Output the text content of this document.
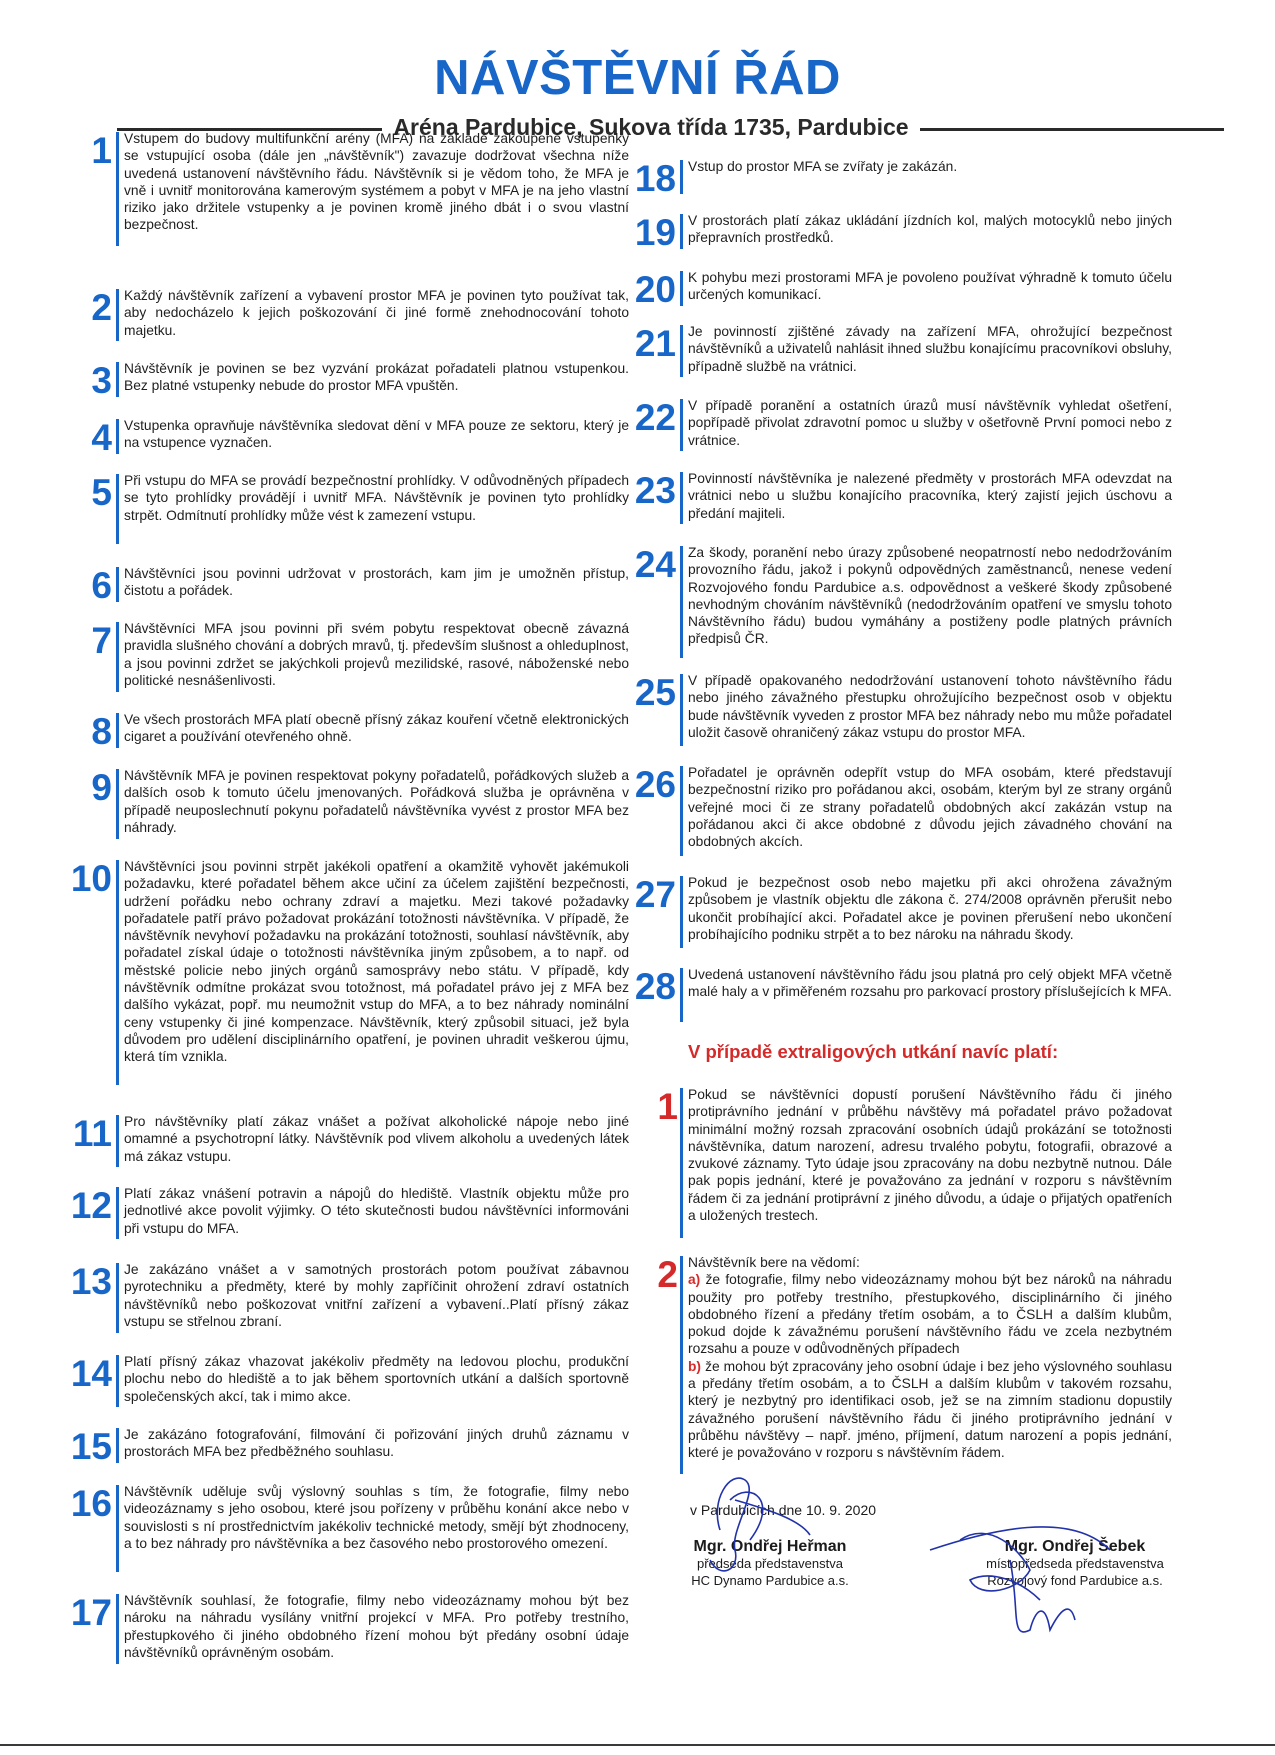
NÁVŠTĚVNÍ ŘÁD
Aréna Pardubice, Sukova třída 1735, Pardubice
1 Vstupem do budovy multifunkční arény (MFA) na základě zakoupené vstupenky se vstupující osoba (dále jen „návštěvník") zavazuje dodržovat všechna níže uvedená ustanovení návštěvního řádu. Návštěvník si je vědom toho, že MFA je vně i uvnitř monitorována kamerovým systémem a pobyt v MFA je na jeho vlastní riziko jako držitele vstupenky a je povinen kromě jiného dbát i o svou vlastní bezpečnost.
2 Každý návštěvník zařízení a vybavení prostor MFA je povinen tyto používat tak, aby nedocházelo k jejich poškozování či jiné formě znehodnocování tohoto majetku.
3 Návštěvník je povinen se bez vyzvání prokázat pořadateli platnou vstupenkou. Bez platné vstupenky nebude do prostor MFA vpuštěn.
4 Vstupenka opravňuje návštěvníka sledovat dění v MFA pouze ze sektoru, který je na vstupence vyznačen.
5 Při vstupu do MFA se provádí bezpečnostní prohlídky. V odůvodněných případech se tyto prohlídky provádějí i uvnitř MFA. Návštěvník je povinen tyto prohlídky strpět. Odmítnutí prohlídky může vést k zamezení vstupu.
6 Návštěvníci jsou povinni udržovat v prostorách, kam jim je umožněn přístup, čistotu a pořádek.
7 Návštěvníci MFA jsou povinni při svém pobytu respektovat obecně závazná pravidla slušného chování a dobrých mravů, tj. především slušnost a ohleduplnost, a jsou povinni zdržet se jakýchkoli projevů mezilidské, rasové, náboženské nebo politické nesnášenlivosti.
8 Ve všech prostorách MFA platí obecně přísný zákaz kouření včetně elektronických cigaret a používání otevřeného ohně.
9 Návštěvník MFA je povinen respektovat pokyny pořadatelů, pořádkových služeb a dalších osob k tomuto účelu jmenovaných. Pořádková služba je oprávněna v případě neuposlechnutí pokynu pořadatelů návštěvníka vyvést z prostor MFA bez náhrady.
10 Návštěvníci jsou povinni strpět jakékoli opatření a okamžitě vyhovět jakémukoli požadavku, které pořadatel během akce učiní za účelem zajištění bezpečnosti, udržení pořádku nebo ochrany zdraví a majetku. Mezi takové požadavky pořadatele patří právo požadovat prokázání totožnosti návštěvníka. V případě, že návštěvník nevyhoví požadavku na prokázání totožnosti, souhlasí návštěvník, aby pořadatel získal údaje o totožnosti návštěvníka jiným způsobem, a to např. od městské policie nebo jiných orgánů samosprávy nebo státu. V případě, kdy návštěvník odmítne prokázat svou totožnost, má pořadatel právo jej z MFA bez dalšího vykázat, popř. mu neumožnit vstup do MFA, a to bez náhrady nominální ceny vstupenky či jiné kompenzace. Návštěvník, který způsobil situaci, jež byla důvodem pro udělení disciplinárního opatření, je povinen uhradit veškerou újmu, která tím vznikla.
11 Pro návštěvníky platí zákaz vnášet a požívat alkoholické nápoje nebo jiné omamné a psychotropní látky. Návštěvník pod vlivem alkoholu a uvedených látek má zákaz vstupu.
12 Platí zákaz vnášení potravin a nápojů do hlediště. Vlastník objektu může pro jednotlivé akce povolit výjimky. O této skutečnosti budou návštěvníci informováni při vstupu do MFA.
13 Je zakázáno vnášet a v samotných prostorách potom používat zábavnou pyrotechniku a předměty, které by mohly zapříčinit ohrožení zdraví ostatních návštěvníků nebo poškozovat vnitřní zařízení a vybavení..Platí přísný zákaz vstupu se střelnou zbraní.
14 Platí přísný zákaz vhazovat jakékoliv předměty na ledovou plochu, produkční plochu nebo do hlediště a to jak během sportovních utkání a dalších sportovně společenských akcí, tak i mimo akce.
15 Je zakázáno fotografování, filmování či pořizování jiných druhů záznamu v prostorách MFA bez předběžného souhlasu.
16 Návštěvník uděluje svůj výslovný souhlas s tím, že fotografie, filmy nebo videozáznamy s jeho osobou, které jsou pořízeny v průběhu konání akce nebo v souvislosti s ní prostřednictvím jakékoliv technické metody, smějí být zhodnoceny, a to bez náhrady pro návštěvníka a bez časového nebo prostorového omezení.
17 Návštěvník souhlasí, že fotografie, filmy nebo videozáznamy mohou být bez nároku na náhradu vysílány vnitřní projekcí v MFA. Pro potřeby trestního, přestupkového či jiného obdobného řízení mohou být předány osobní údaje návštěvníků oprávněným osobám.
18 Vstup do prostor MFA se zvířaty je zakázán.
19 V prostorách platí zákaz ukládání jízdních kol, malých motocyklů nebo jiných přepravních prostředků.
20 K pohybu mezi prostorami MFA je povoleno používat výhradně k tomuto účelu určených komunikací.
21 Je povinností zjištěné závady na zařízení MFA, ohrožující bezpečnost návštěvníků a uživatelů nahlásit ihned službu konajícímu pracovníkovi obsluhy, případně službě na vrátnici.
22 V případě poranění a ostatních úrazů musí návštěvník vyhledat ošetření, popřípadě přivolat zdravotní pomoc u služby v ošetřovně První pomoci nebo z vrátnice.
23 Povinností návštěvníka je nalezené předměty v prostorách MFA odevzdat na vrátnici nebo u službu konajícího pracovníka, který zajistí jejich úschovu a předání majiteli.
24 Za škody, poranění nebo úrazy způsobené neopatrností nebo nedodržováním provozního řádu, jakož i pokynů odpovědných zaměstnanců, nenese vedení Rozvojového fondu Pardubice a.s. odpovědnost a veškeré škody způsobené nevhodným chováním návštěvníků (nedodržováním opatření ve smyslu tohoto Návštěvního řádu) budou vymáhány a postiženy podle platných právních předpisů ČR.
25 V případě opakovaného nedodržování ustanovení tohoto návštěvního řádu nebo jiného závažného přestupku ohrožujícího bezpečnost osob v objektu bude návštěvník vyveden z prostor MFA bez náhrady nebo mu může pořadatel uložit časově ohraničený zákaz vstupu do prostor MFA.
26 Pořadatel je oprávněn odepřít vstup do MFA osobám, které představují bezpečnostní riziko pro pořádanou akci, osobám, kterým byl ze strany orgánů veřejné moci či ze strany pořadatelů obdobných akcí zakázán vstup na pořádanou akci či akce obdobné z důvodu jejich závadného chování na obdobných akcích.
27 Pokud je bezpečnost osob nebo majetku při akci ohrožena závažným způsobem je vlastník objektu dle zákona č. 274/2008 oprávněn přerušit nebo ukončit probíhající akci. Pořadatel akce je povinen přerušení nebo ukončení probíhajícího podniku strpět a to bez nároku na náhradu škody.
28 Uvedená ustanovení návštěvního řádu jsou platná pro celý objekt MFA včetně malé haly a v přiměřeném rozsahu pro parkovací prostory příslušejících k MFA.
V případě extraligových utkání navíc platí:
1 Pokud se návštěvníci dopustí porušení Návštěvního řádu či jiného protiprávního jednání v průběhu návštěvy má pořadatel právo požadovat minimální možný rozsah zpracování osobních údajů prokázání se totožnosti návštěvníka, datum narození, adresu trvalého pobytu, fotografii, obrazové a zvukové záznamy. Tyto údaje jsou zpracovány na dobu nezbytně nutnou. Dále pak popis jednání, které je považováno za jednání v rozporu s návštěvním řádem či za jednání protiprávní z jiného důvodu, a údaje o přijatých opatřeních a uložených trestech.
2 Návštěvník bere na vědomí:
a) že fotografie, filmy nebo videozáznamy mohou být bez nároků na náhradu použity pro potřeby trestního, přestupkového, disciplinárního či jiného obdobného řízení a předány třetím osobám, a to ČSLH a dalším klubům, pokud dojde k závažnému porušení návštěvního řádu ve zcela nezbytném rozsahu a pouze v odůvodněných případech
b) že mohou být zpracovány jeho osobní údaje i bez jeho výslovného souhlasu a předány třetím osobám, a to ČSLH a dalším klubům v takovém rozsahu, který je nezbytný pro identifikaci osob, jež se na zimním stadionu dopustily závažného porušení návštěvního řádu či jiného protiprávního jednání v průběhu návštěvy – např. jméno, příjmení, datum narození a popis jednání, které je považováno v rozporu s návštěvním řádem.
v Pardubicích dne 10. 9. 2020
Mgr. Ondřej Heřman
předseda představenstva
HC Dynamo Pardubice a.s.
Mgr. Ondřej Šebek
místopředseda představenstva
Rozvojový fond Pardubice a.s.
